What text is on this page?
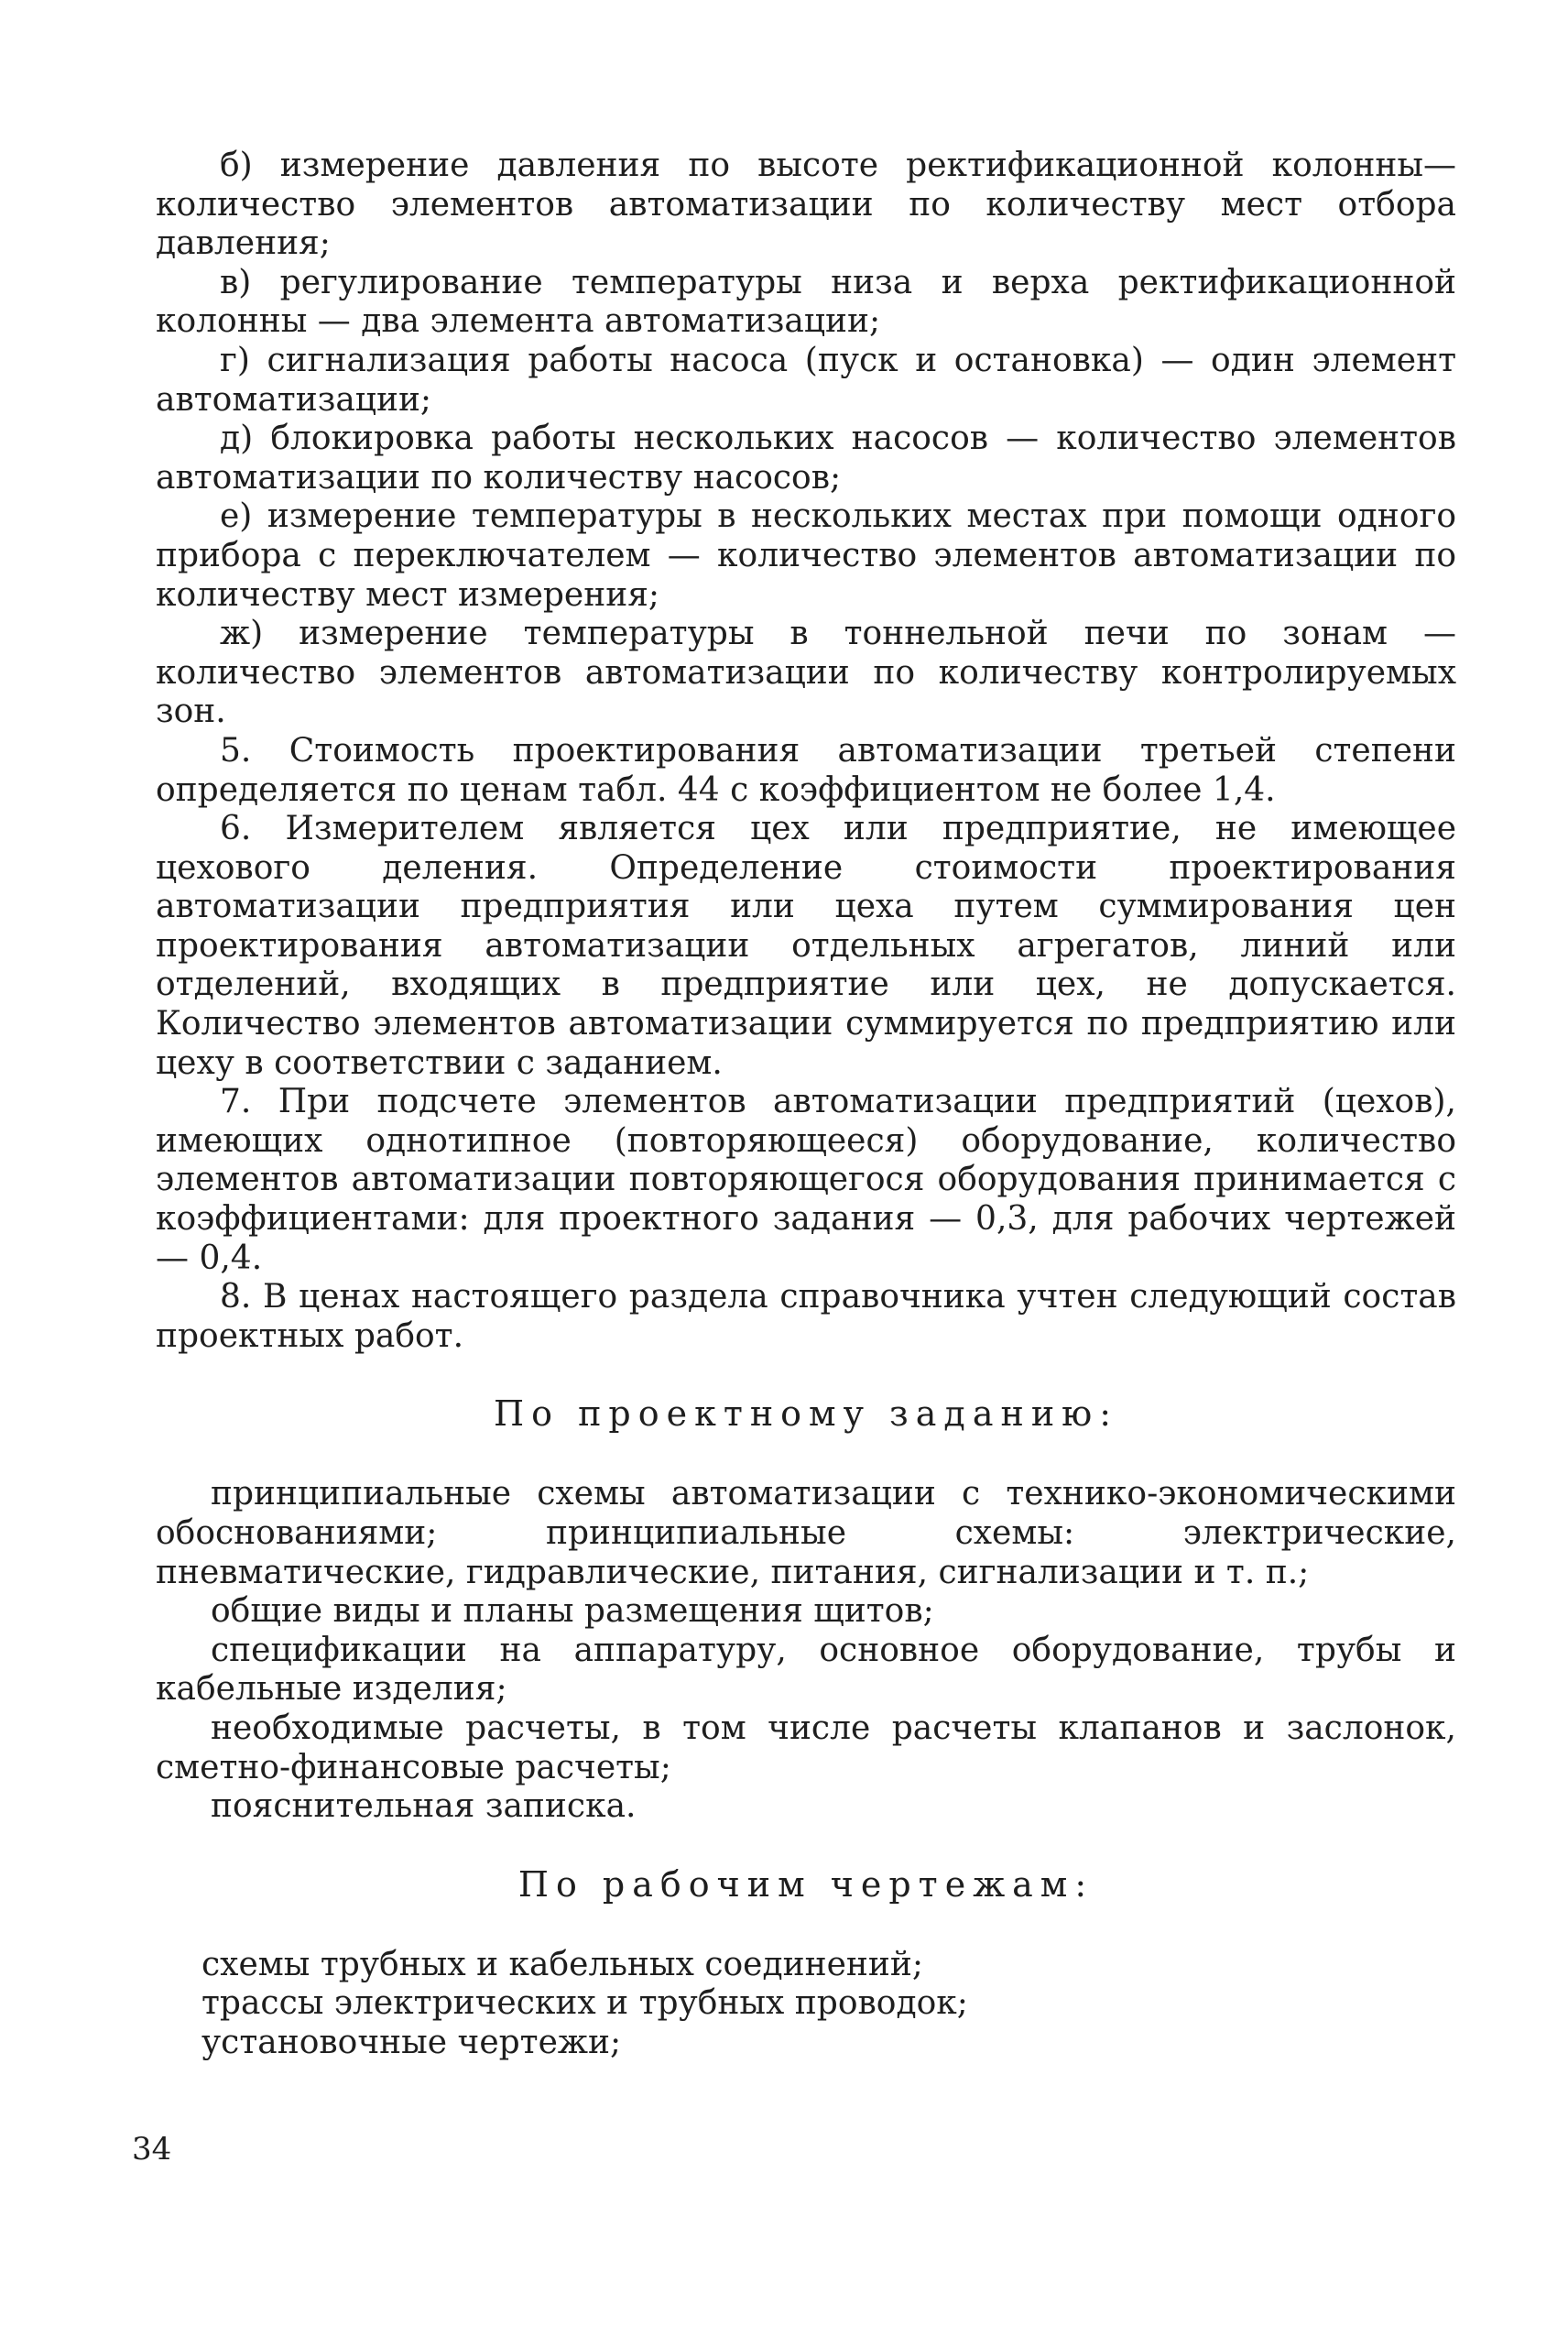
б) измерение давления по высоте ректификационной колонны— количество элементов автоматизации по количеству мест отбора давления;

в) регулирование температуры низа и верха ректификационной колонны — два элемента автоматизации;

г) сигнализация работы насоса (пуск и остановка) — один элемент автоматизации;

д) блокировка работы нескольких насосов — количество элементов автоматизации по количеству насосов;

е) измерение температуры в нескольких местах при помощи одного прибора с переключателем — количество элементов автоматизации по количеству мест измерения;

ж) измерение температуры в тоннельной печи по зонам — количество элементов автоматизации по количеству контролируемых зон.

5. Стоимость проектирования автоматизации третьей степени определяется по ценам табл. 44 с коэффициентом не более 1,4.

6. Измерителем является цех или предприятие, не имеющее цехового деления. Определение стоимости проектирования автоматизации предприятия или цеха путем суммирования цен проектирования автоматизации отдельных агрегатов, линий или отделений, входящих в предприятие или цех, не допускается. Количество элементов автоматизации суммируется по предприятию или цеху в соответствии с заданием.

7. При подсчете элементов автоматизации предприятий (цехов), имеющих однотипное (повторяющееся) оборудование, количество элементов автоматизации повторяющегося оборудования принимается с коэффициентами: для проектного задания — 0,3, для рабочих чертежей — 0,4.

8. В ценах настоящего раздела справочника учтен следующий состав проектных работ.

По проектному заданию:

принципиальные схемы автоматизации с технико-экономическими обоснованиями; принципиальные схемы: электрические, пневматические, гидравлические, питания, сигнализации и т. п.;

общие виды и планы размещения щитов;

спецификации на аппаратуру, основное оборудование, трубы и кабельные изделия;

необходимые расчеты, в том числе расчеты клапанов и заслонок, сметно-финансовые расчеты;

пояснительная записка.

По рабочим чертежам:

схемы трубных и кабельных соединений;

трассы электрических и трубных проводок;

установочные чертежи;

34
